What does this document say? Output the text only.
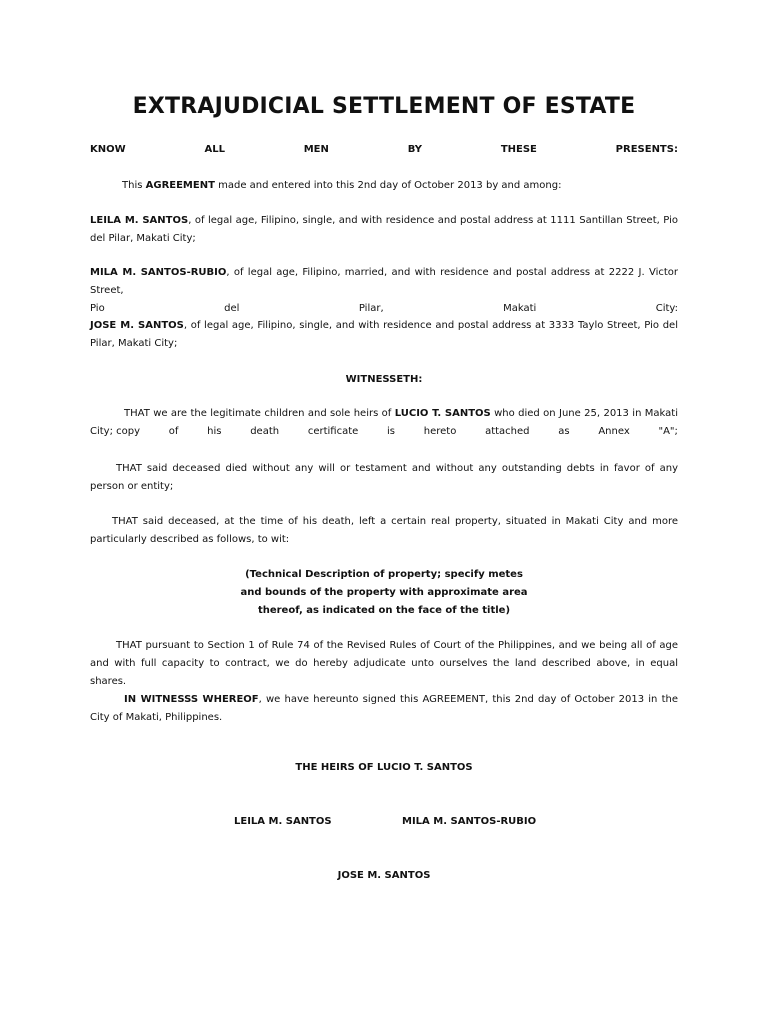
EXTRAJUDICIAL SETTLEMENT OF ESTATE
KNOW	ALL	MEN	BY	THESE	PRESENTS:

This AGREEMENT made and entered into this 2nd day of October 2013 by and among:

LEILA M. SANTOS, of legal age, Filipino, single, and with residence and postal address at 1111 Santillan Street, Pio del Pilar, Makati City;

MILA M. SANTOS-RUBIO, of legal age, Filipino, married, and with residence and postal address at 2222 J. Victor Street,
Pio	del	Pilar,	Makati	City:

JOSE M. SANTOS, of legal age, Filipino, single, and with residence and postal address at 3333 Taylo Street, Pio del Pilar, Makati City;

WITNESSETH:
THAT we are the legitimate children and sole heirs of LUCIO T. SANTOS who died on June 25, 2013 in Makati
City; copy	of	his	death	certificate	is	hereto	attached	as	Annex	"A";

THAT said deceased died without any will or testament and without any outstanding debts in favor of any person or entity;

THAT said deceased, at the time of his death, left a certain real property, situated in Makati City and more particularly described as follows, to wit:

(Technical Description of property; specify metes
and bounds of the property with approximate area
thereof, as indicated on the face of the title)

THAT pursuant to Section 1 of Rule 74 of the Revised Rules of Court of the Philippines, and we being all of age and with full capacity to contract, we do hereby adjudicate unto ourselves the land described above, in equal shares.

IN WITNESSS WHEREOF, we have hereunto signed this AGREEMENT, this 2nd day of October 2013 in the City of Makati, Philippines.

THE HEIRS OF LUCIO T. SANTOS
LEILA M. SANTOS	MILA M. SANTOS-RUBIO
JOSE M. SANTOS
